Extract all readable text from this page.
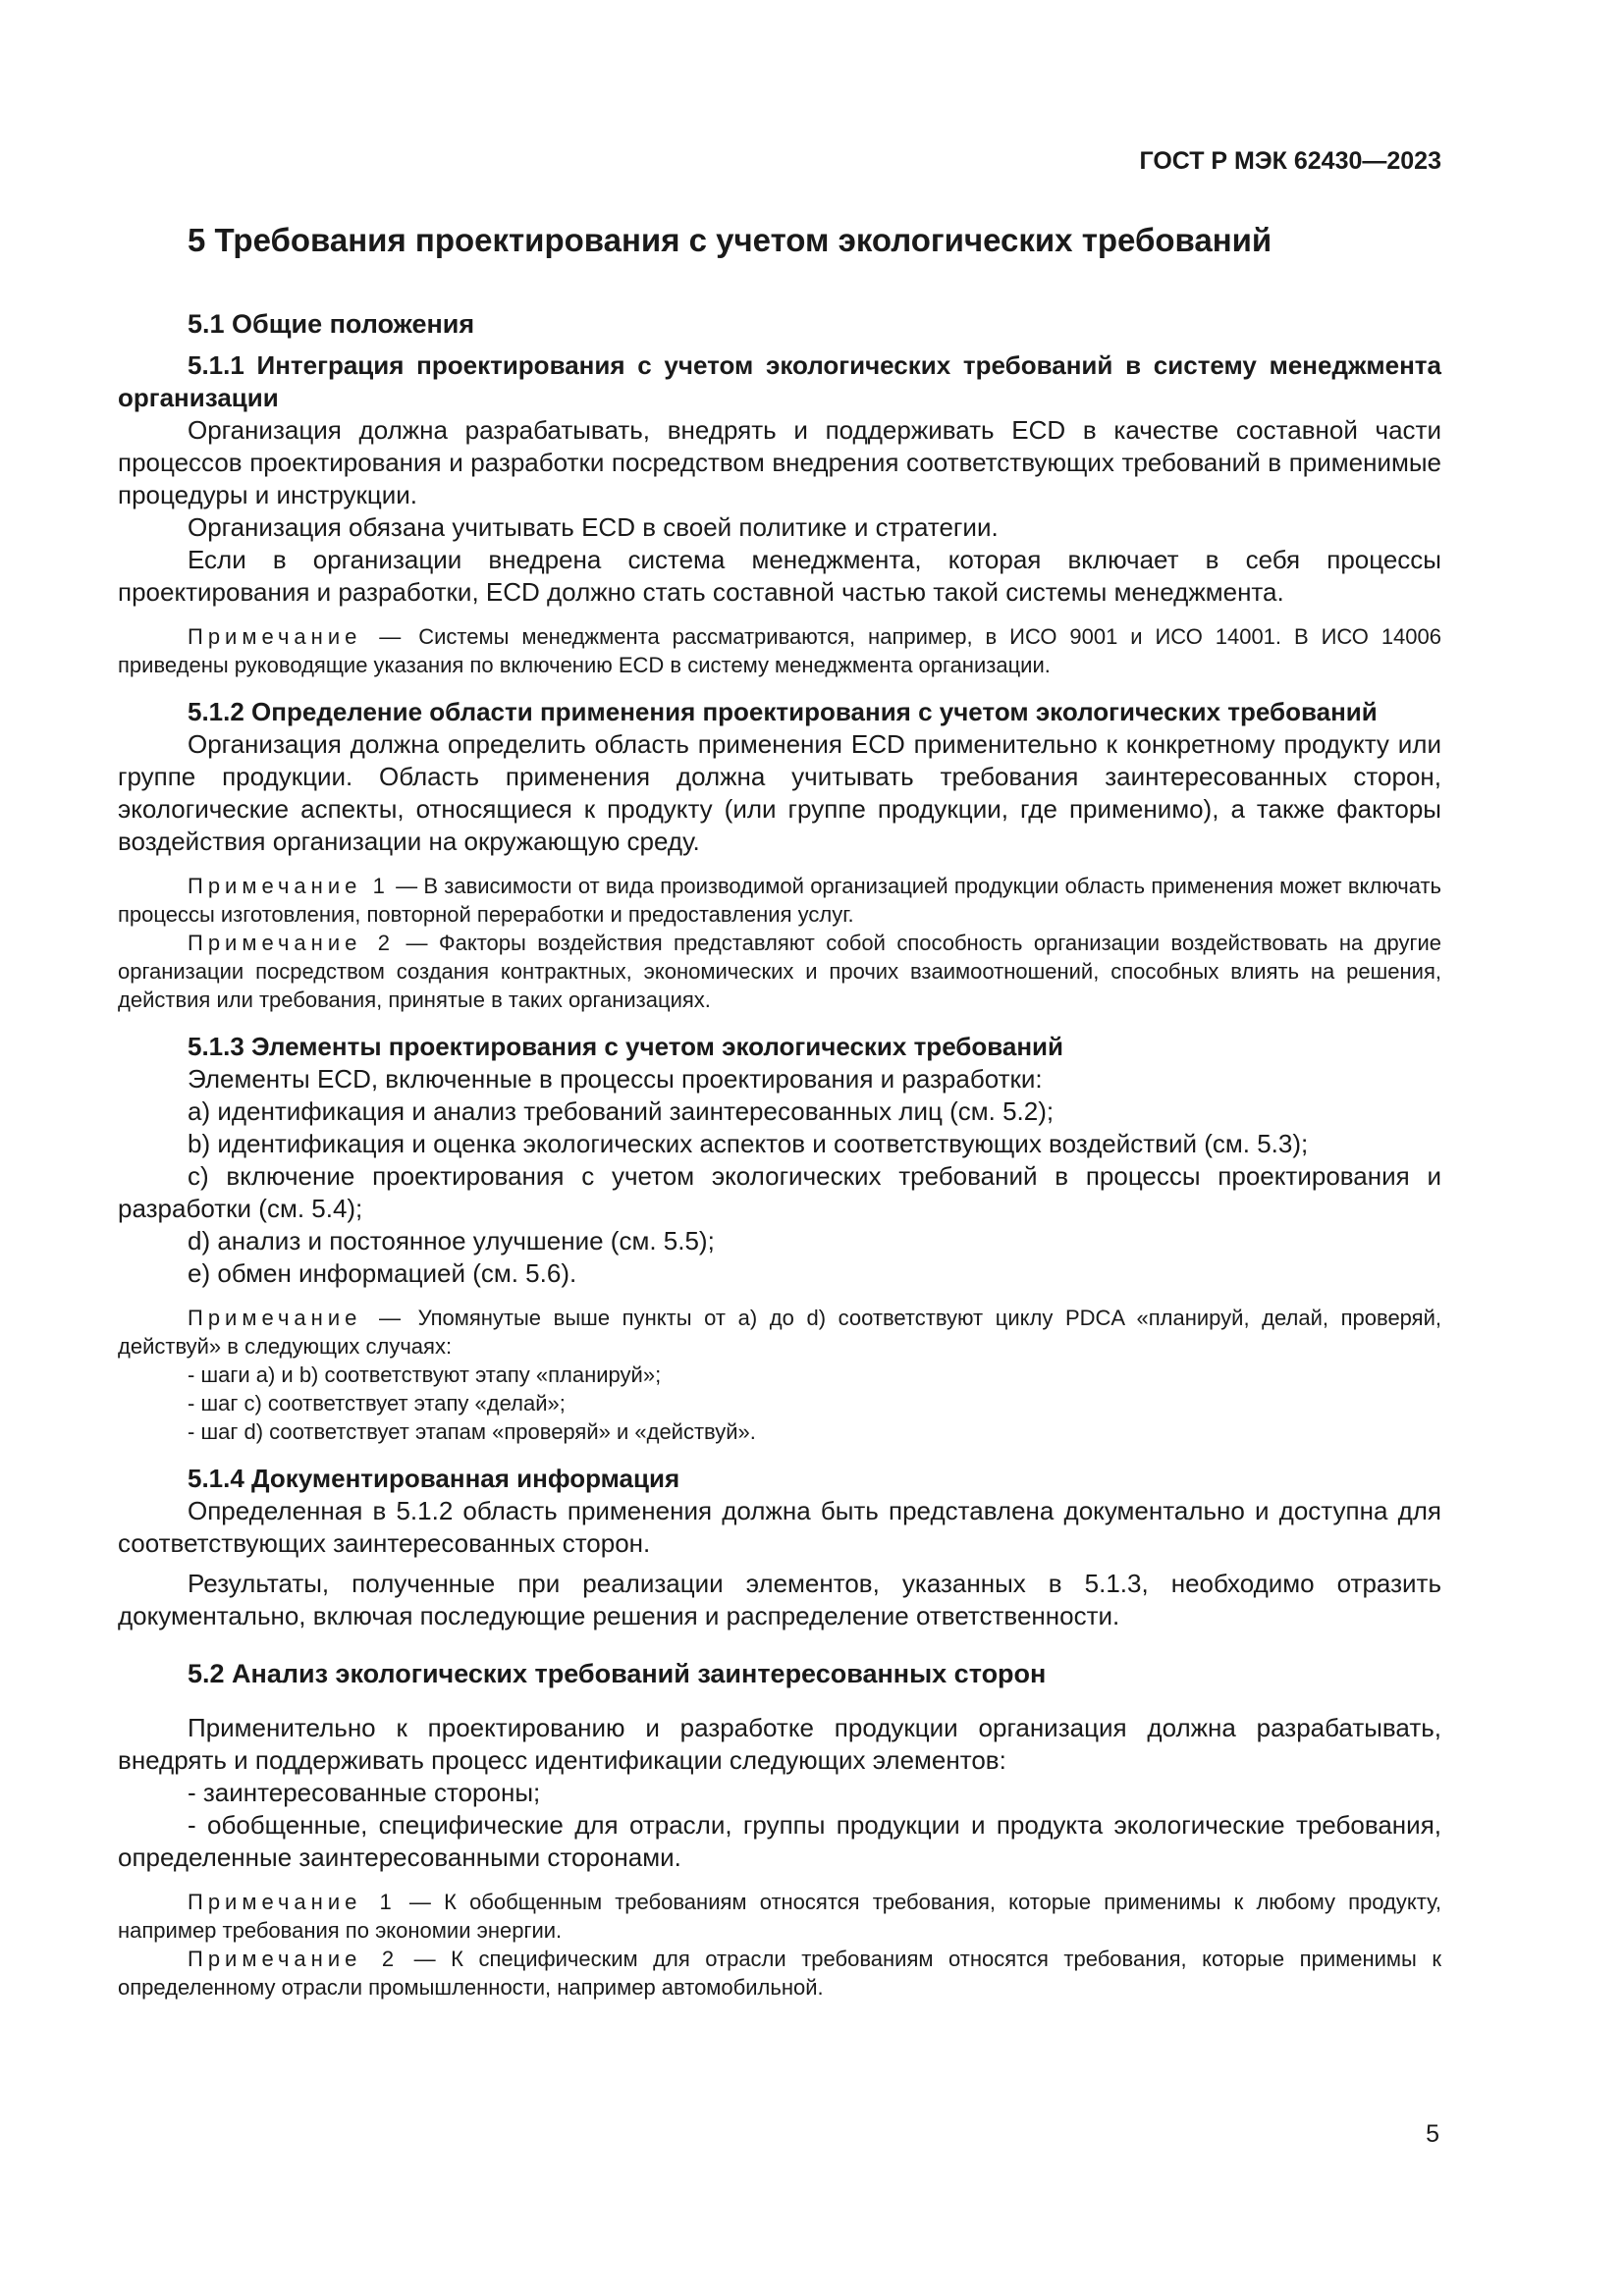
ГОСТ Р МЭК 62430—2023
5 Требования проектирования с учетом экологических требований
5.1 Общие положения

5.1.1 Интеграция проектирования с учетом экологических требований в систему менеджмента организации

Организация должна разрабатывать, внедрять и поддерживать ECD в качестве составной части процессов проектирования и разработки посредством внедрения соответствующих требований в применимые процедуры и инструкции.

Организация обязана учитывать ECD в своей политике и стратегии.

Если в организации внедрена система менеджмента, которая включает в себя процессы проектирования и разработки, ECD должно стать составной частью такой системы менеджмента.

Примечание — Системы менеджмента рассматриваются, например, в ИСО 9001 и ИСО 14001. В ИСО 14006 приведены руководящие указания по включению ECD в систему менеджмента организации.

5.1.2 Определение области применения проектирования с учетом экологических требований

Организация должна определить область применения ECD применительно к конкретному продукту или группе продукции. Область применения должна учитывать требования заинтересованных сторон, экологические аспекты, относящиеся к продукту (или группе продукции, где применимо), а также факторы воздействия организации на окружающую среду.

Примечание 1 — В зависимости от вида производимой организацией продукции область применения может включать процессы изготовления, повторной переработки и предоставления услуг.

Примечание 2 — Факторы воздействия представляют собой способность организации воздействовать на другие организации посредством создания контрактных, экономических и прочих взаимоотношений, способных влиять на решения, действия или требования, принятые в таких организациях.

5.1.3 Элементы проектирования с учетом экологических требований

Элементы ECD, включенные в процессы проектирования и разработки:

a) идентификация и анализ требований заинтересованных лиц (см. 5.2);

b) идентификация и оценка экологических аспектов и соответствующих воздействий (см. 5.3);

c) включение проектирования с учетом экологических требований в процессы проектирования и разработки (см. 5.4);

d) анализ и постоянное улучшение (см. 5.5);

e) обмен информацией (см. 5.6).

Примечание — Упомянутые выше пункты от a) до d) соответствуют циклу PDCA «планируй, делай, проверяй, действуй» в следующих случаях:

- шаги a) и b) соответствуют этапу «планируй»;

- шаг c) соответствует этапу «делай»;

- шаг d) соответствует этапам «проверяй» и «действуй».

5.1.4 Документированная информация

Определенная в 5.1.2 область применения должна быть представлена документально и доступна для соответствующих заинтересованных сторон.

Результаты, полученные при реализации элементов, указанных в 5.1.3, необходимо отразить документально, включая последующие решения и распределение ответственности.

5.2 Анализ экологических требований заинтересованных сторон

Применительно к проектированию и разработке продукции организация должна разрабатывать, внедрять и поддерживать процесс идентификации следующих элементов:

- заинтересованные стороны;

- обобщенные, специфические для отрасли, группы продукции и продукта экологические требования, определенные заинтересованными сторонами.

Примечание 1 — К обобщенным требованиям относятся требования, которые применимы к любому продукту, например требования по экономии энергии.

Примечание 2 — К специфическим для отрасли требованиям относятся требования, которые применимы к определенному отрасли промышленности, например автомобильной.

5
